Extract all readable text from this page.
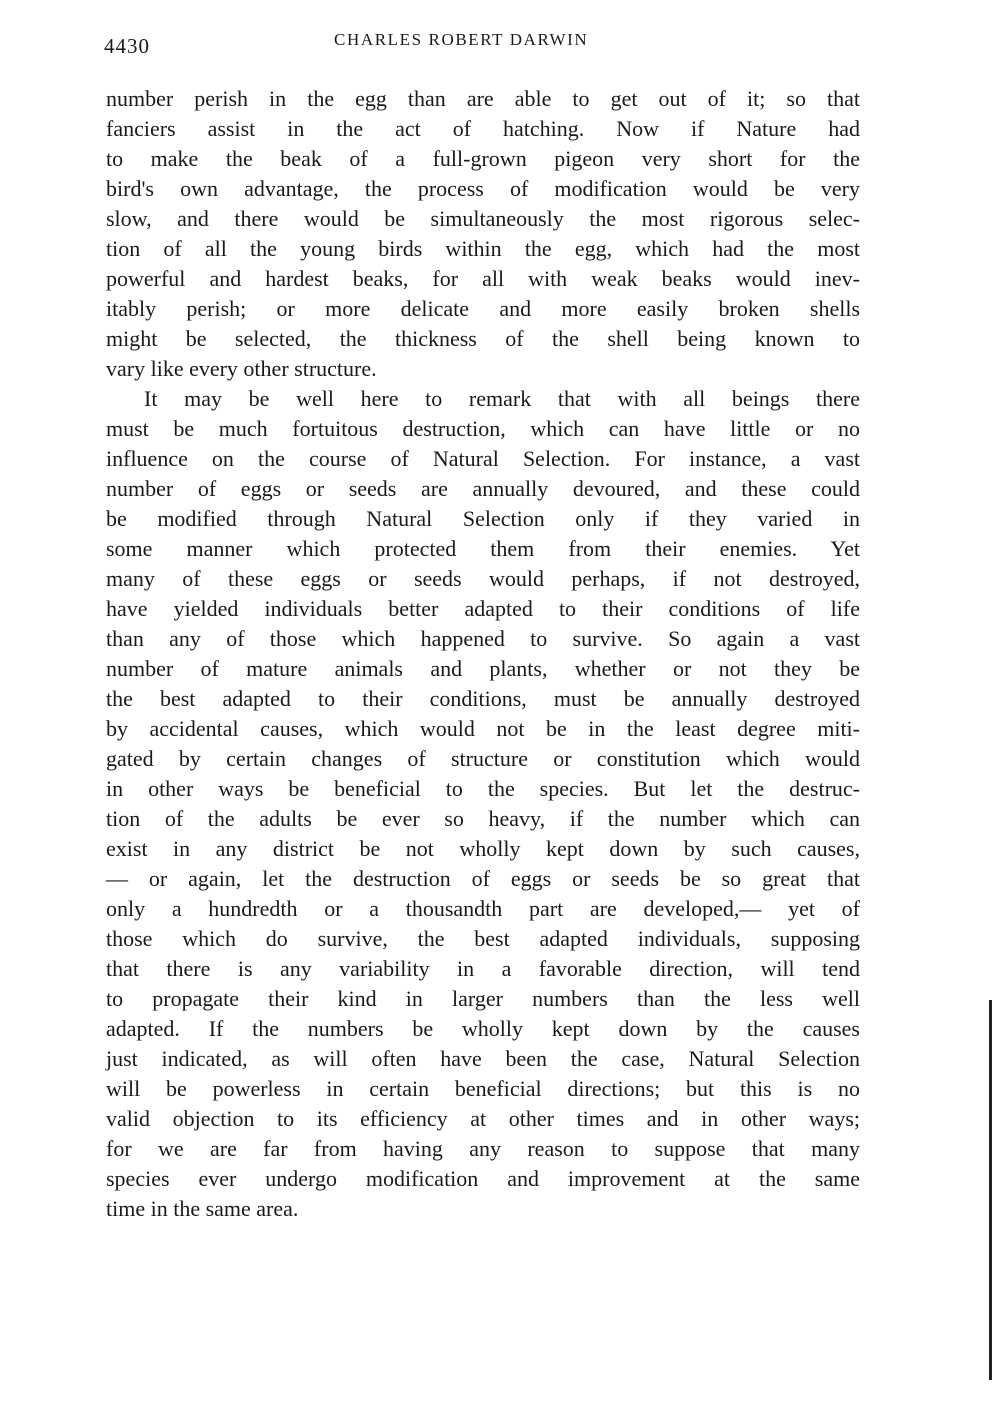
4430	CHARLES ROBERT DARWIN
number perish in the egg than are able to get out of it; so that
fanciers assist in the act of hatching. Now if Nature had
to make the beak of a full-grown pigeon very short for the
bird's own advantage, the process of modification would be very
slow, and there would be simultaneously the most rigorous selec-
tion of all the young birds within the egg, which had the most
powerful and hardest beaks, for all with weak beaks would inev-
itably perish; or more delicate and more easily broken shells
might be selected, the thickness of the shell being known to
vary like every other structure.
It may be well here to remark that with all beings there
must be much fortuitous destruction, which can have little or no
influence on the course of Natural Selection. For instance, a vast
number of eggs or seeds are annually devoured, and these could
be modified through Natural Selection only if they varied in
some manner which protected them from their enemies. Yet
many of these eggs or seeds would perhaps, if not destroyed,
have yielded individuals better adapted to their conditions of life
than any of those which happened to survive. So again a vast
number of mature animals and plants, whether or not they be
the best adapted to their conditions, must be annually destroyed
by accidental causes, which would not be in the least degree miti-
gated by certain changes of structure or constitution which would
in other ways be beneficial to the species. But let the destruc-
tion of the adults be ever so heavy, if the number which can
exist in any district be not wholly kept down by such causes,
— or again, let the destruction of eggs or seeds be so great that
only a hundredth or a thousandth part are developed,— yet of
those which do survive, the best adapted individuals, supposing
that there is any variability in a favorable direction, will tend
to propagate their kind in larger numbers than the less well
adapted. If the numbers be wholly kept down by the causes
just indicated, as will often have been the case, Natural Selection
will be powerless in certain beneficial directions; but this is no
valid objection to its efficiency at other times and in other ways;
for we are far from having any reason to suppose that many
species ever undergo modification and improvement at the same
time in the same area.
